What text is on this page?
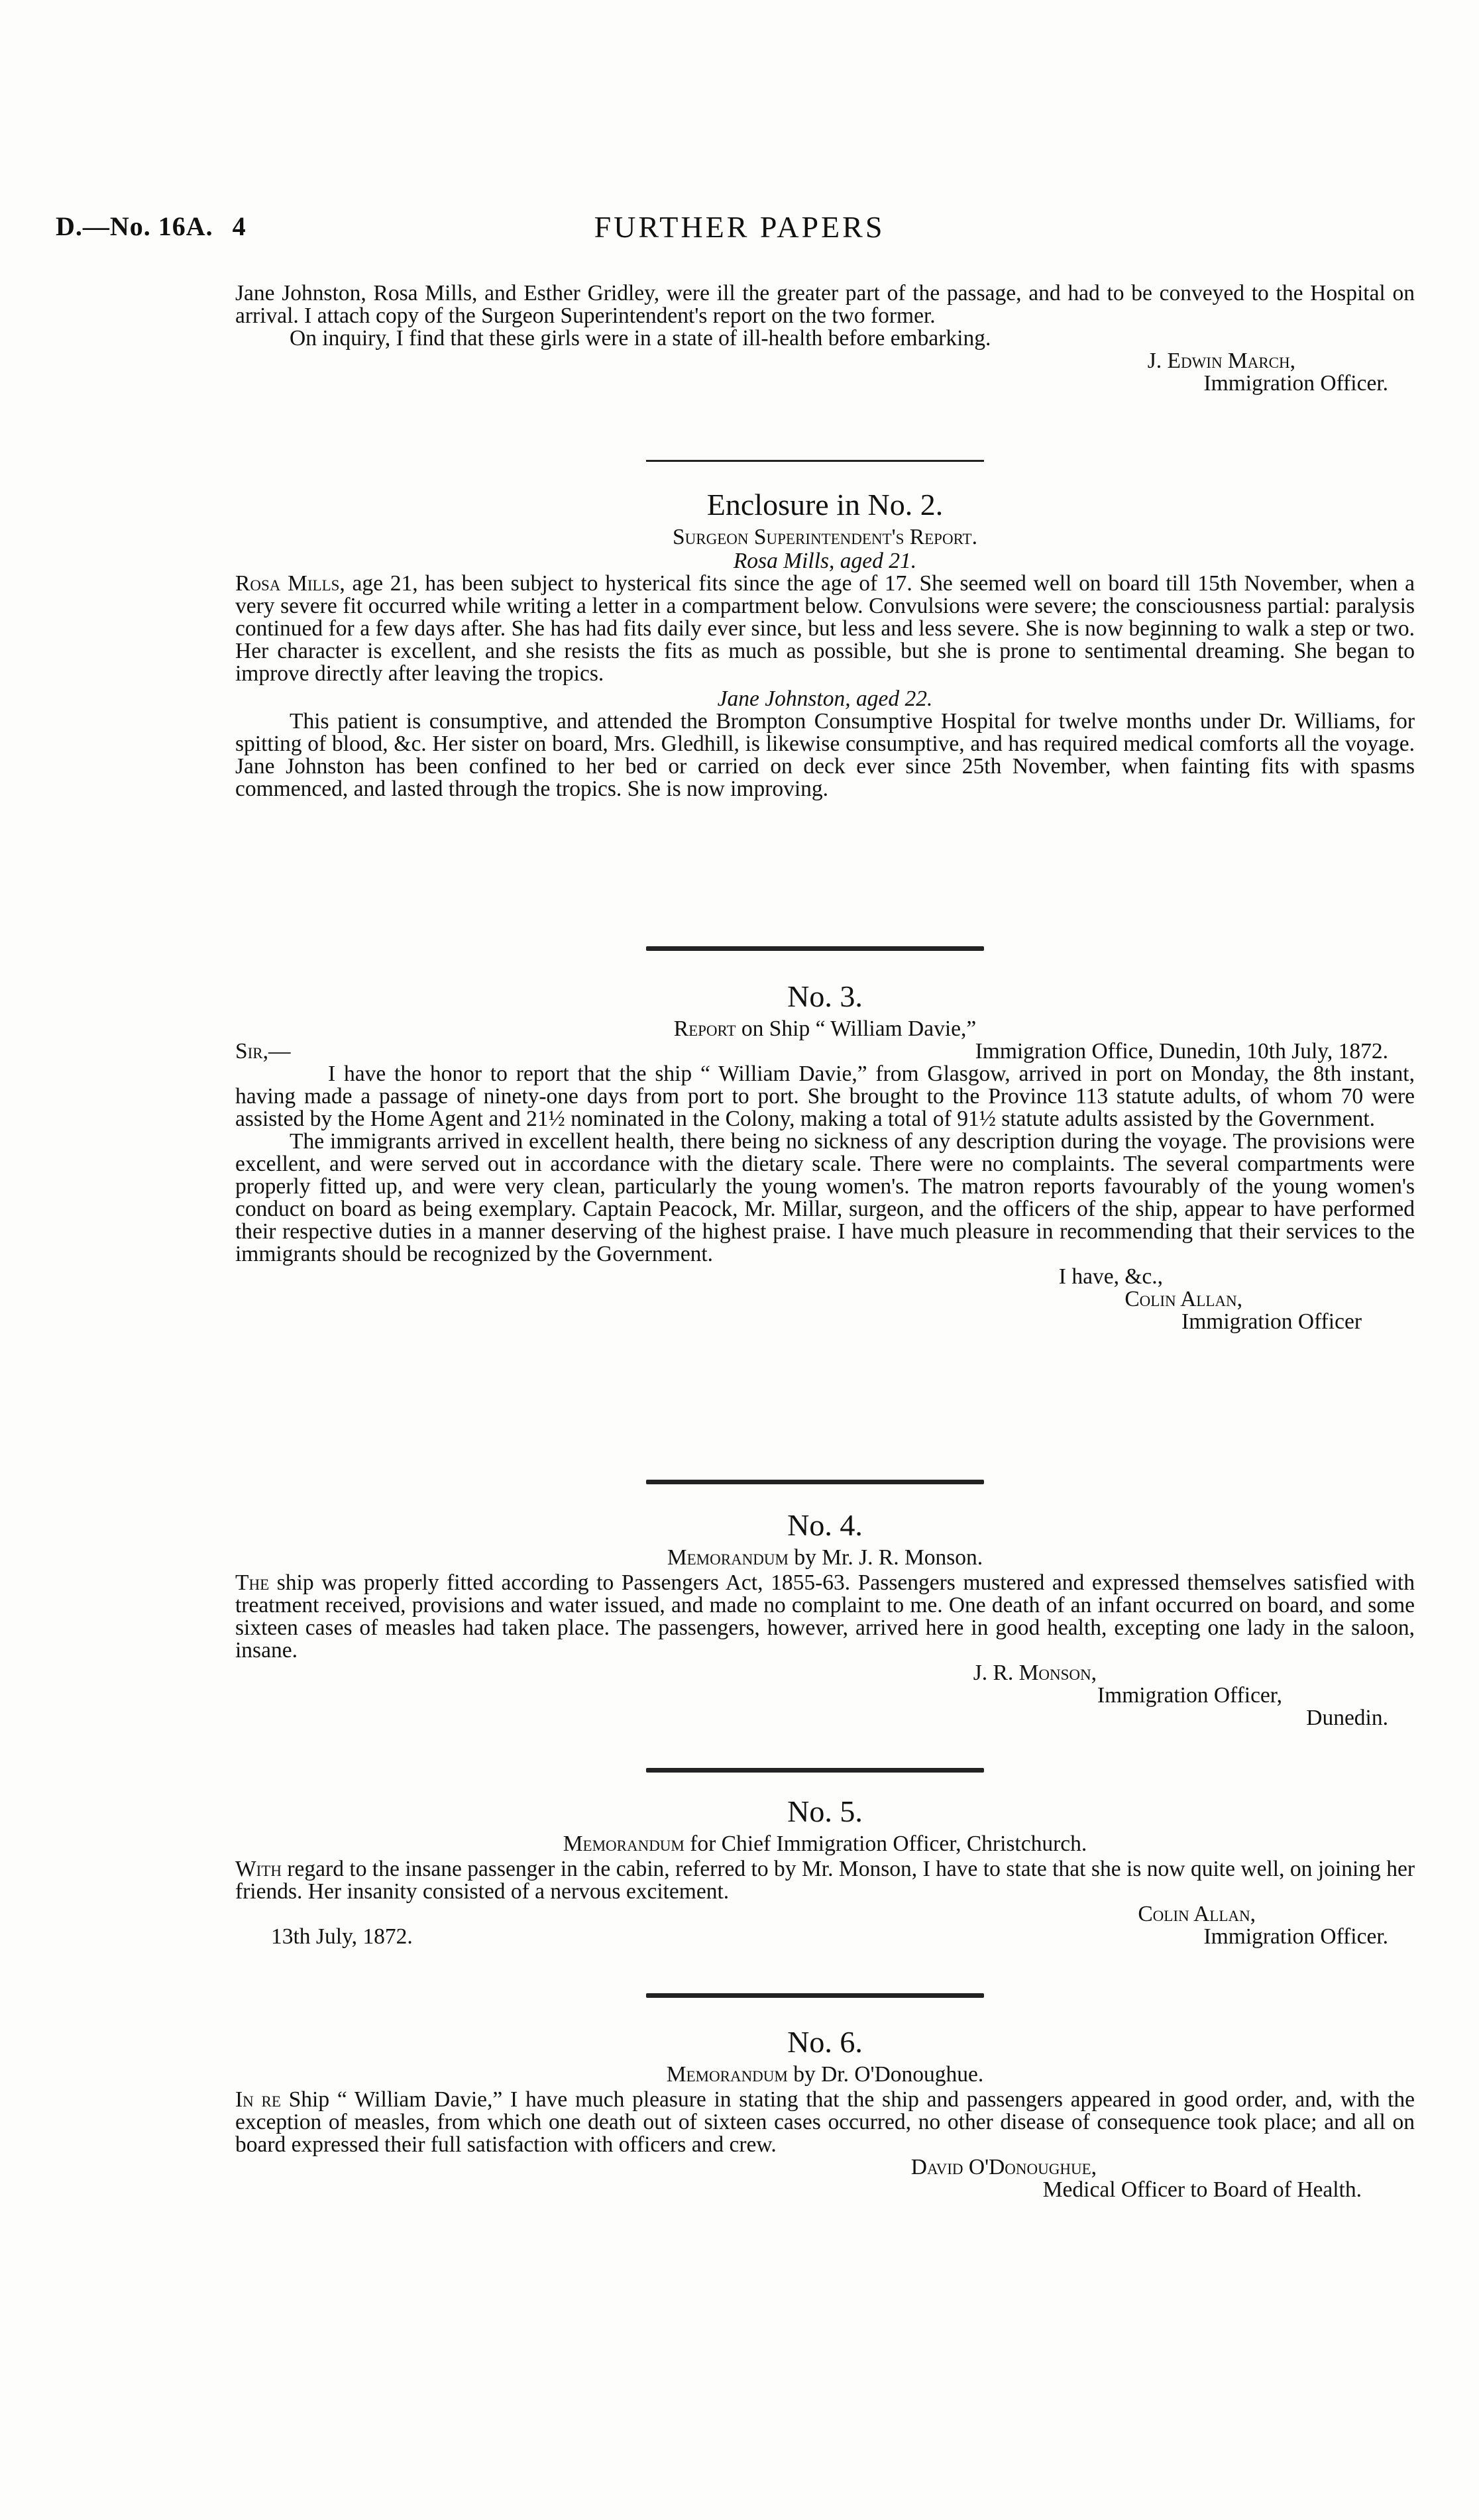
D.—No. 16A. 4	FURTHER PAPERS

Jane Johnston, Rosa Mills, and Esther Gridley, were ill the greater part of the passage, and had to be conveyed to the Hospital on arrival. I attach copy of the Surgeon Superintendent's report on the two former.

On inquiry, I find that these girls were in a state of ill-health before embarking.

J. Edwin March,
Immigration Officer.
Enclosure in No. 2.
Surgeon Superintendent's Report.
Rosa Mills, aged 21.

Rosa Mills, age 21, has been subject to hysterical fits since the age of 17. She seemed well on board till 15th November, when a very severe fit occurred while writing a letter in a compartment below. Convulsions were severe; the consciousness partial: paralysis continued for a few days after. She has had fits daily ever since, but less and less severe. She is now beginning to walk a step or two. Her character is excellent, and she resists the fits as much as possible, but she is prone to sentimental dreaming. She began to improve directly after leaving the tropics.

Jane Johnston, aged 22.

This patient is consumptive, and attended the Brompton Consumptive Hospital for twelve months under Dr. Williams, for spitting of blood, &c. Her sister on board, Mrs. Gledhill, is likewise consumptive, and has required medical comforts all the voyage. Jane Johnston has been confined to her bed or carried on deck ever since 25th November, when fainting fits with spasms commenced, and lasted through the tropics. She is now improving.

No. 3.
Report on Ship “ William Davie,”
Sir,—	Immigration Office, Dunedin, 10th July, 1872.

I have the honor to report that the ship “ William Davie,” from Glasgow, arrived in port on Monday, the 8th instant, having made a passage of ninety-one days from port to port. She brought to the Province 113 statute adults, of whom 70 were assisted by the Home Agent and 21½ nominated in the Colony, making a total of 91½ statute adults assisted by the Government.

The immigrants arrived in excellent health, there being no sickness of any description during the voyage. The provisions were excellent, and were served out in accordance with the dietary scale. There were no complaints. The several compartments were properly fitted up, and were very clean, particularly the young women's. The matron reports favourably of the young women's conduct on board as being exemplary. Captain Peacock, Mr. Millar, surgeon, and the officers of the ship, appear to have performed their respective duties in a manner deserving of the highest praise. I have much pleasure in recommending that their services to the immigrants should be recognized by the Government.

I have, &c.,
Colin Allan,
Immigration Officer
No. 4.
Memorandum by Mr. J. R. Monson.

The ship was properly fitted according to Passengers Act, 1855-63. Passengers mustered and expressed themselves satisfied with treatment received, provisions and water issued, and made no complaint to me. One death of an infant occurred on board, and some sixteen cases of measles had taken place. The passengers, however, arrived here in good health, excepting one lady in the saloon, insane.

J. R. Monson,
Immigration Officer,
Dunedin.
No. 5.
Memorandum for Chief Immigration Officer, Christchurch.

With regard to the insane passenger in the cabin, referred to by Mr. Monson, I have to state that she is now quite well, on joining her friends. Her insanity consisted of a nervous excitement.

Colin Allan,
13th July, 1872.	Immigration Officer.
No. 6.
Memorandum by Dr. O'Donoughue.

In re Ship “ William Davie,” I have much pleasure in stating that the ship and passengers appeared in good order, and, with the exception of measles, from which one death out of sixteen cases occurred, no other disease of consequence took place; and all on board expressed their full satisfaction with officers and crew.

David O'Donoughue,
Medical Officer to Board of Health.
